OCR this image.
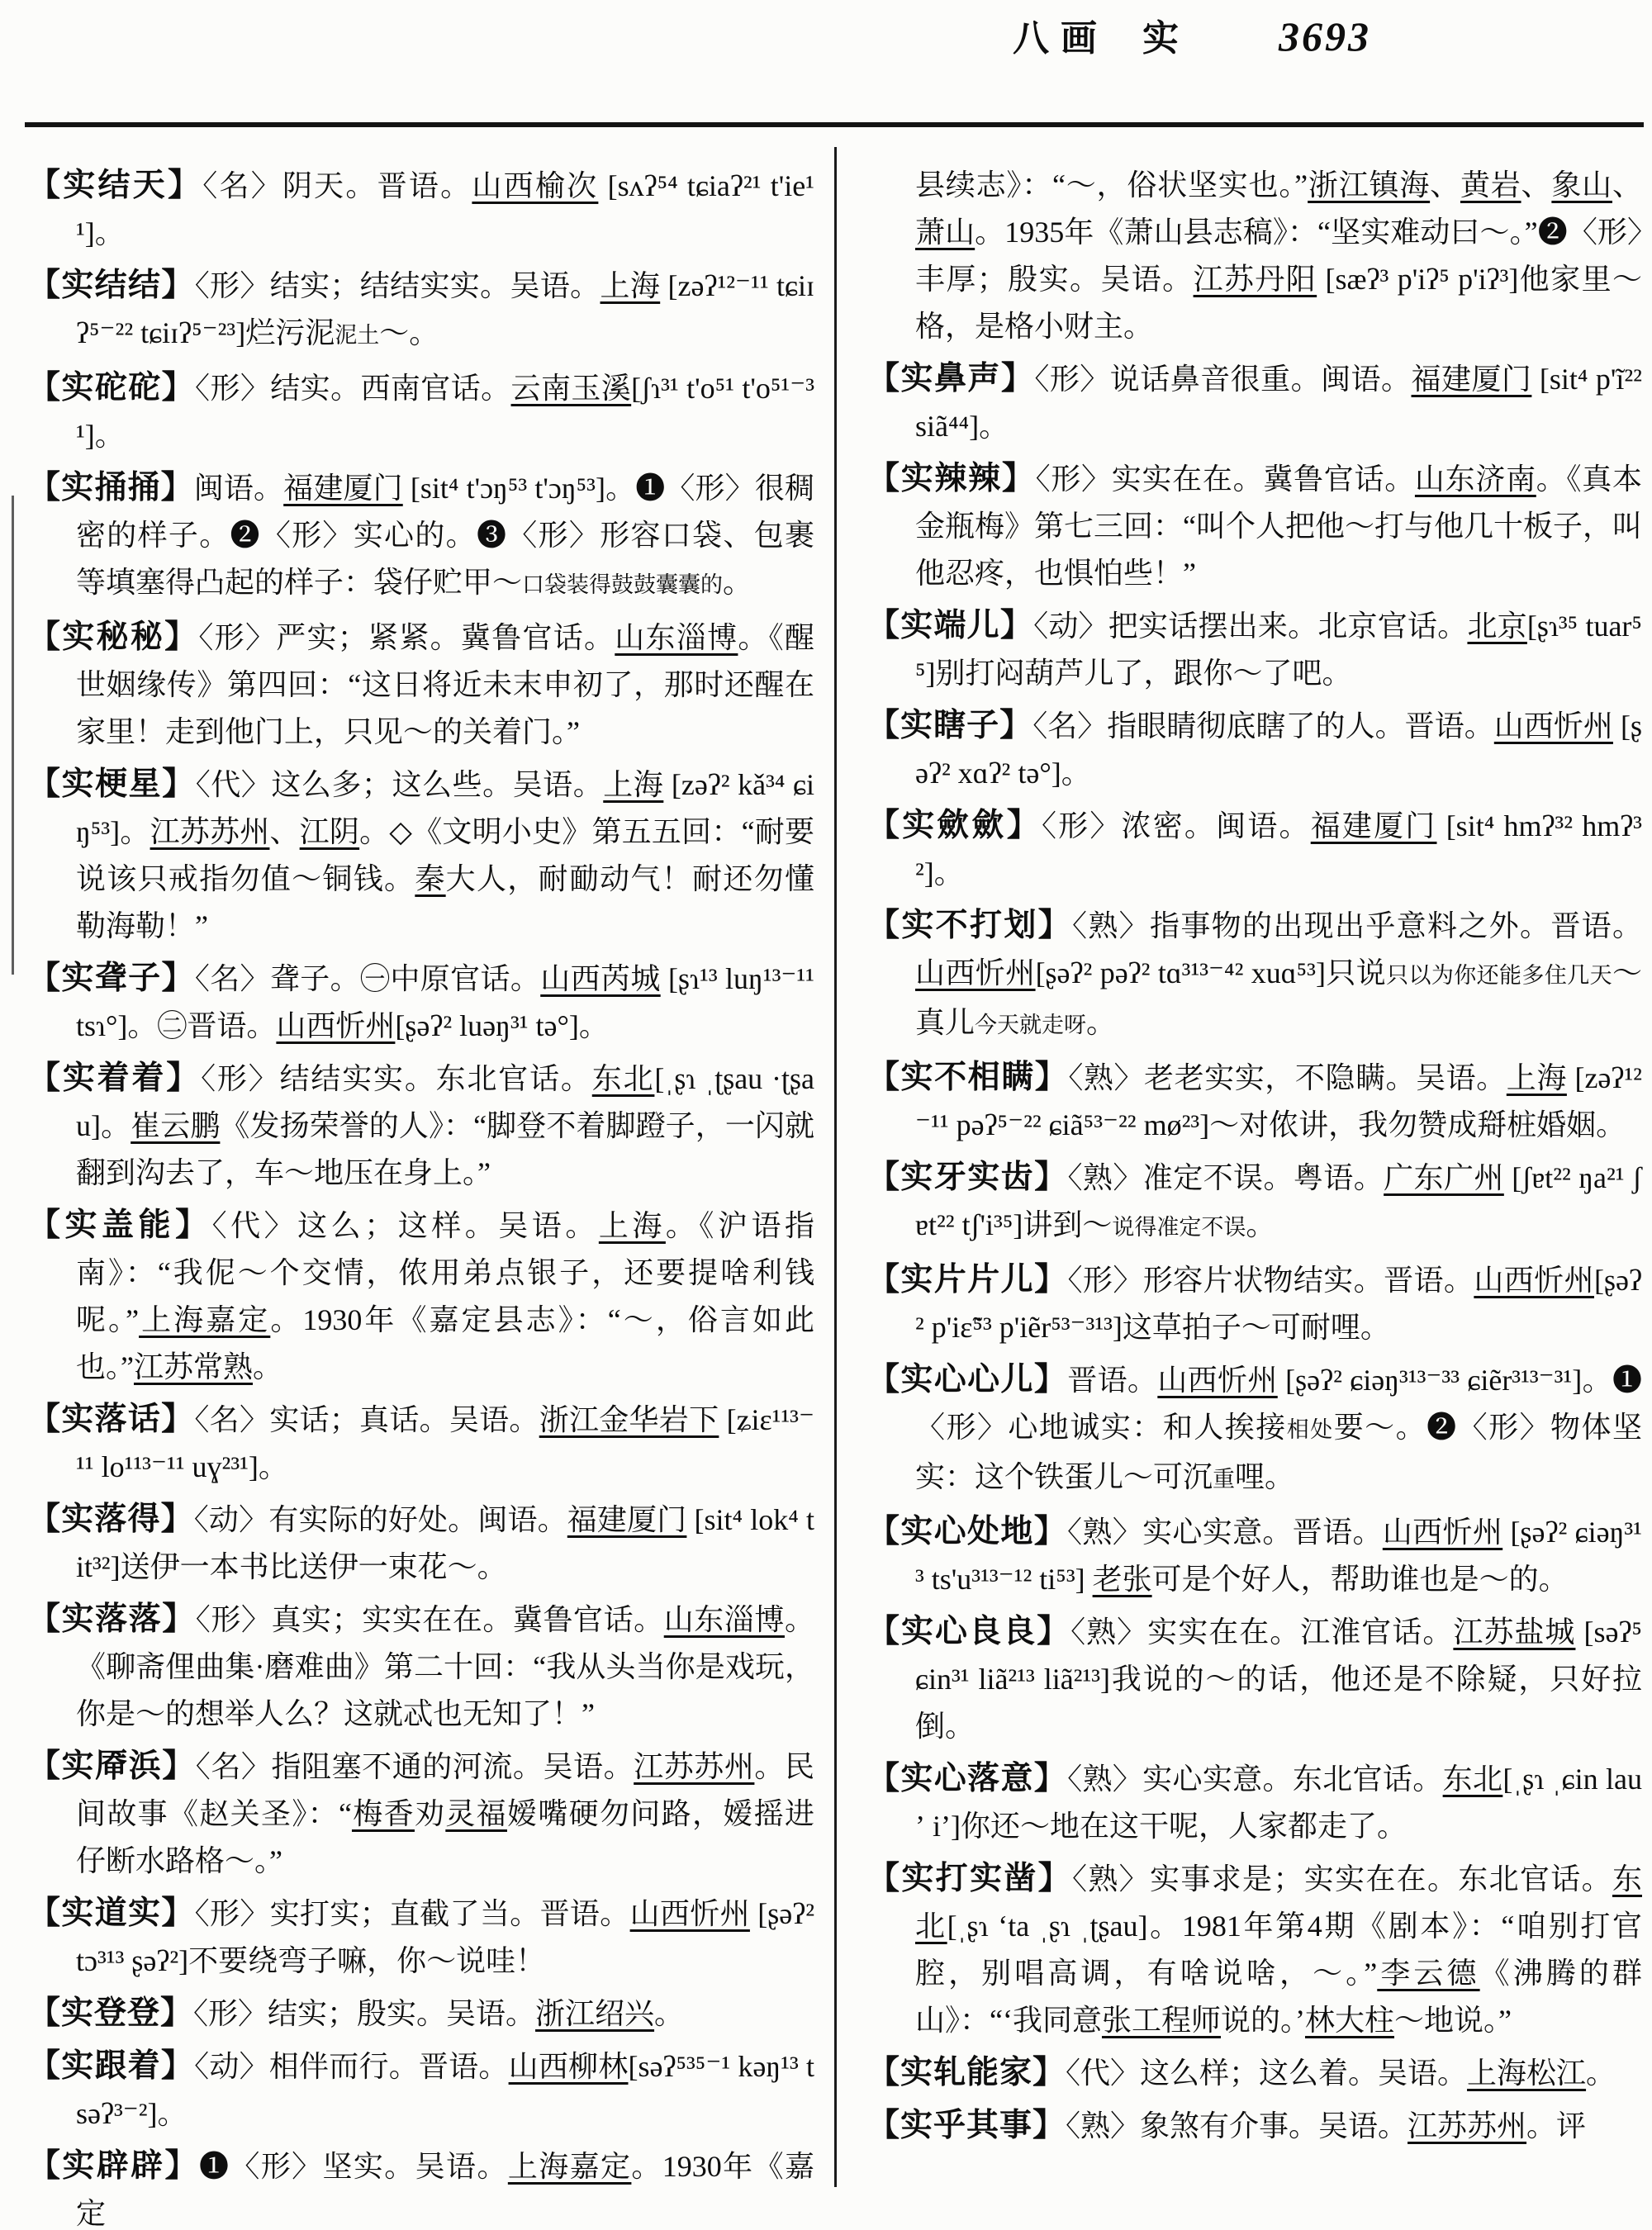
八画 实 3693
【实结天】〈名〉阴天。晋语。山西榆次 [sʌʔ⁵⁴ tɕiaʔ²¹ t'ie¹¹]。
【实结结】〈形〉结实；结结实实。吴语。上海 [zəʔ¹²⁻¹¹ tɕiɪʔ⁵⁻²² tɕiɪʔ⁵⁻²³]烂污泥泥土～。
【实砣砣】〈形〉结实。西南官话。云南玉溪[ʃɿ³¹ t'o⁵¹ t'o⁵¹⁻³¹]。
【实捅捅】闽语。福建厦门 [sit⁴ t'ɔŋ⁵³ t'ɔŋ⁵³]。❶〈形〉很稠密的样子。❷〈形〉实心的。❸〈形〉形容口袋、包裹等填塞得凸起的样子：袋仔贮甲～口袋装得鼓鼓囊囊的。
【实秘秘】〈形〉严实；紧紧。冀鲁官话。山东淄博。《醒世姻缘传》第四回：“这日将近未末申初了，那时还醒在家里！走到他门上，只见～的关着门。”
【实梗星】〈代〉这么多；这么些。吴语。上海 [zəʔ² kǎ³⁴ ɕiŋ⁵³]。江苏苏州、江阴。◇《文明小史》第五五回：“耐要说该只戒指勿值～铜钱。秦大人，耐勔动气！耐还勿懂勒海勒！”
【实聋子】〈名〉聋子。㊀中原官话。山西芮城 [ʂɿ¹³ luŋ¹³⁻¹¹ tsɿ°]。㊁晋语。山西忻州[ʂəʔ² luəŋ³¹ tə°]。
【实着着】〈形〉结结实实。东北官话。东北[ˌʂɿ ˌʈʂau ·ʈʂau]。崔云鹏《发扬荣誉的人》：“脚登不着脚蹬子，一闪就翻到沟去了，车～地压在身上。”
【实盖能】〈代〉这么；这样。吴语。上海。《沪语指南》：“我伲～个交情，侬用弟点银子，还要提啥利钱呢。”上海嘉定。1930年《嘉定县志》：“～，俗言如此也。”江苏常熟。
【实落话】〈名〉实话；真话。吴语。浙江金华岩下 [ʑiɛ¹¹³⁻¹¹ lo¹¹³⁻¹¹ uɣ²³¹]。
【实落得】〈动〉有实际的好处。闽语。福建厦门 [sit⁴ lok⁴ tit³²]送伊一本书比送伊一束花～。
【实落落】〈形〉真实；实实在在。冀鲁官话。山东淄博。《聊斋俚曲集·磨难曲》第二十回：“我从头当你是戏玩，你是～的想举人么？这就忒也无知了！”
【实厣浜】〈名〉指阻塞不通的河流。吴语。江苏苏州。民间故事《赵关圣》：“梅香劝灵福嫒嘴硬勿问路，嫒摇进仔断水路格～。”
【实道实】〈形〉实打实；直截了当。晋语。山西忻州 [ʂəʔ² tɔ³¹³ ʂəʔ²]不要绕弯子嘛，你～说哇！
【实登登】〈形〉结实；殷实。吴语。浙江绍兴。
【实跟着】〈动〉相伴而行。晋语。山西柳林[səʔ⁵³⁵⁻¹ kəŋ¹³ tsəʔ³⁻²]。
【实辟辟】❶〈形〉坚实。吴语。上海嘉定。1930年《嘉定
县续志》：“～，俗状坚实也。”浙江镇海、黄岩、象山、萧山。1935年《萧山县志稿》：“坚实难动曰～。”❷〈形〉丰厚；殷实。吴语。江苏丹阳 [sæʔ³ p'iʔ⁵ p'iʔ³]他家里～格，是格小财主。
【实鼻声】〈形〉说话鼻音很重。闽语。福建厦门 [sit⁴ p'ĩ²² siã⁴⁴]。
【实辣辣】〈形〉实实在在。冀鲁官话。山东济南。《真本金瓶梅》第七三回：“叫个人把他～打与他几十板子，叫他忍疼，也惧怕些！”
【实端儿】〈动〉把实话摆出来。北京官话。北京[ʂɿ³⁵ tuar⁵⁵]别打闷葫芦儿了，跟你～了吧。
【实瞎子】〈名〉指眼睛彻底瞎了的人。晋语。山西忻州 [ʂəʔ² xɑʔ² tə°]。
【实歛歛】〈形〉浓密。闽语。福建厦门 [sit⁴ hmʔ³² hmʔ³²]。
【实不打划】〈熟〉指事物的出现出乎意料之外。晋语。山西忻州[ʂəʔ² pəʔ² tɑ³¹³⁻⁴² xuɑ⁵³]只说只以为你还能多住几天～真儿今天就走呀。
【实不相瞒】〈熟〉老老实实，不隐瞒。吴语。上海 [zəʔ¹²⁻¹¹ pəʔ⁵⁻²² ɕiã⁵³⁻²² mø²³]～对侬讲，我勿赞成搿桩婚姻。
【实牙实齿】〈熟〉准定不误。粤语。广东广州 [ʃɐt²² ŋa²¹ ʃɐt²² tʃ'i³⁵]讲到～说得准定不误。
【实片片儿】〈形〉形容片状物结实。晋语。山西忻州[ʂəʔ² p'iɛ̃⁵³ p'iẽr⁵³⁻³¹³]这草拍子～可耐哩。
【实心心儿】晋语。山西忻州 [ʂəʔ² ɕiəŋ³¹³⁻³³ ɕiẽr³¹³⁻³¹]。❶〈形〉心地诚实：和人挨接相处要～。❷〈形〉物体坚实：这个铁蛋儿～可沉重哩。
【实心处地】〈熟〉实心实意。晋语。山西忻州 [ʂəʔ² ɕiəŋ³¹³ ts'u³¹³⁻¹² ti⁵³] 老张可是个好人，帮助谁也是～的。
【实心良良】〈熟〉实实在在。江淮官话。江苏盐城 [səʔ⁵ ɕin³¹ liã²¹³ liã²¹³]我说的～的话，他还是不除疑，只好拉倒。
【实心落意】〈熟〉实心实意。东北官话。东北[ˌʂɿ ˌɕin lauʼ iʼ]你还～地在这干呢，人家都走了。
【实打实凿】〈熟〉实事求是；实实在在。东北官话。东北[ˌʂɿ ʻta ˌʂɿ ˌʈʂau]。1981年第4期《剧本》：“咱别打官腔，别唱高调，有啥说啥，～。”李云德《沸腾的群山》：“‘我同意张工程师说的。’林大柱～地说。”
【实轧能家】〈代〉这么样；这么着。吴语。上海松江。
【实乎其事】〈熟〉象煞有介事。吴语。江苏苏州。评
